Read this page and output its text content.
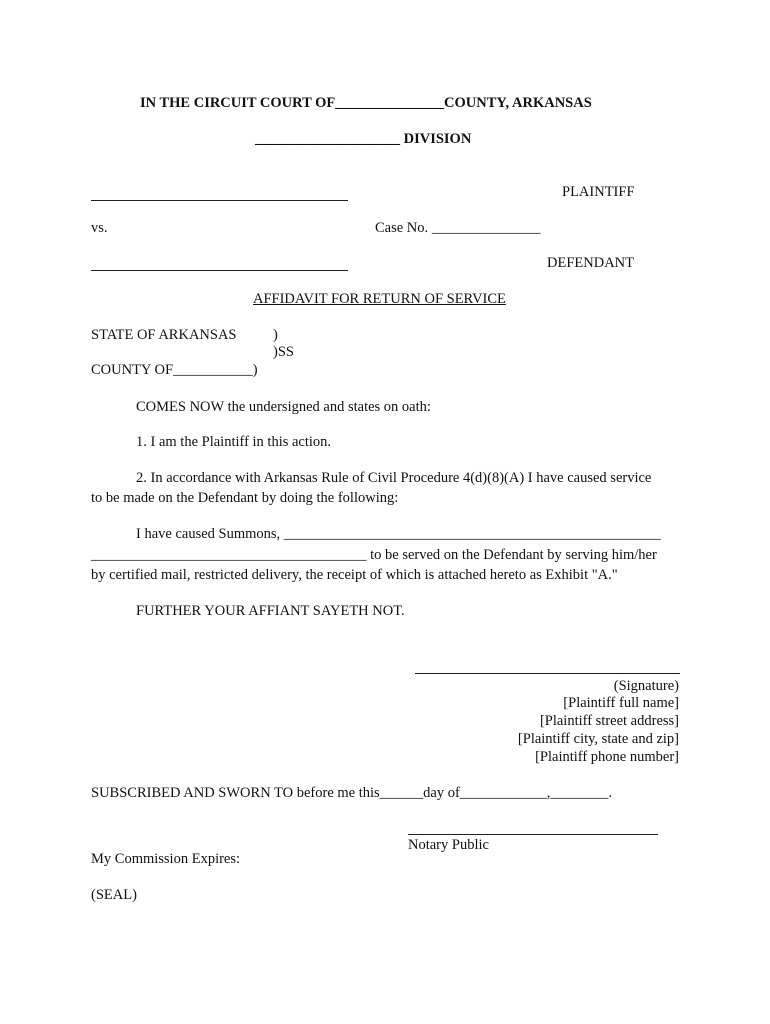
IN THE CIRCUIT COURT OF_______________COUNTY, ARKANSAS
____________________ DIVISION
PLAINTIFF
vs.	Case No. _______________
DEFENDANT
AFFIDAVIT FOR RETURN OF SERVICE
STATE OF ARKANSAS	)
)SS
COUNTY OF___________)
COMES NOW the undersigned and states on oath:
1. I am the Plaintiff in this action.
2. In accordance with Arkansas Rule of Civil Procedure 4(d)(8)(A) I have caused service
to be made on the Defendant by doing the following:
I have caused Summons, ____________________________________________________
______________________________________ to be served on the Defendant by serving him/her
by certified mail, restricted delivery, the receipt of which is attached hereto as Exhibit "A."
FURTHER YOUR AFFIANT SAYETH NOT.
(Signature)
[Plaintiff full name]
[Plaintiff street address]
[Plaintiff city, state and zip]
[Plaintiff phone number]
SUBSCRIBED AND SWORN TO before me this______day of____________,________.
Notary Public
My Commission Expires:
(SEAL)
